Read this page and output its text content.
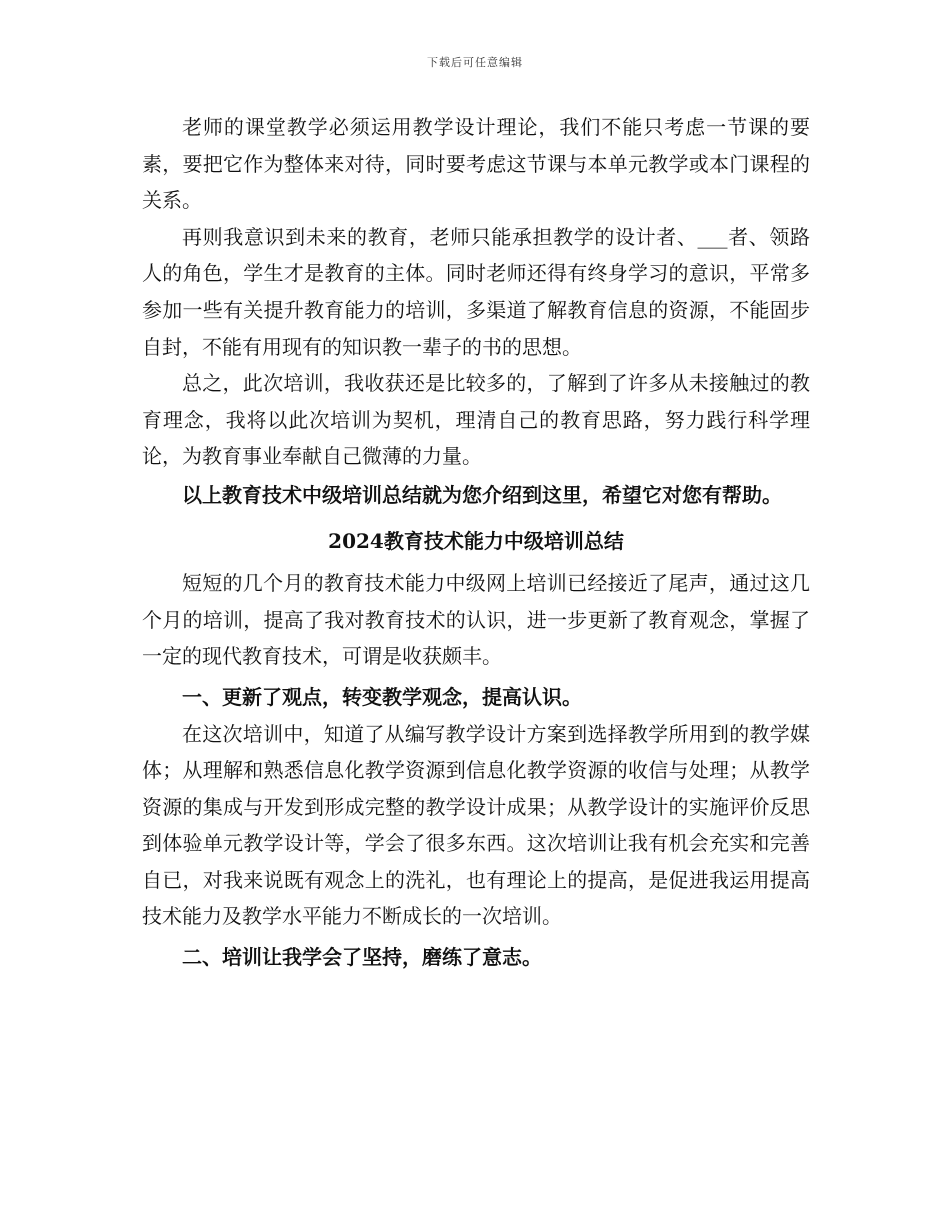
下载后可任意编辑

老师的课堂教学必须运用教学设计理论，我们不能只考虑一节课的要素，要把它作为整体来对待，同时要考虑这节课与本单元教学或本门课程的关系。

再则我意识到未来的教育，老师只能承担教学的设计者、___者、领路人的角色，学生才是教育的主体。同时老师还得有终身学习的意识，平常多参加一些有关提升教育能力的培训，多渠道了解教育信息的资源，不能固步自封，不能有用现有的知识教一辈子的书的思想。

总之，此次培训，我收获还是比较多的，了解到了许多从未接触过的教育理念，我将以此次培训为契机，理清自己的教育思路，努力践行科学理论，为教育事业奉献自己微薄的力量。

以上教育技术中级培训总结就为您介绍到这里，希望它对您有帮助。

2024教育技术能力中级培训总结

短短的几个月的教育技术能力中级网上培训已经接近了尾声，通过这几个月的培训，提高了我对教育技术的认识，进一步更新了教育观念，掌握了一定的现代教育技术，可谓是收获颇丰。

一、更新了观点，转变教学观念，提高认识。

在这次培训中，知道了从编写教学设计方案到选择教学所用到的教学媒体；从理解和熟悉信息化教学资源到信息化教学资源的收信与处理；从教学资源的集成与开发到形成完整的教学设计成果；从教学设计的实施评价反思到体验单元教学设计等，学会了很多东西。这次培训让我有机会充实和完善自已，对我来说既有观念上的洗礼，也有理论上的提高，是促进我运用提高技术能力及教学水平能力不断成长的一次培训。

二、培训让我学会了坚持，磨练了意志。
